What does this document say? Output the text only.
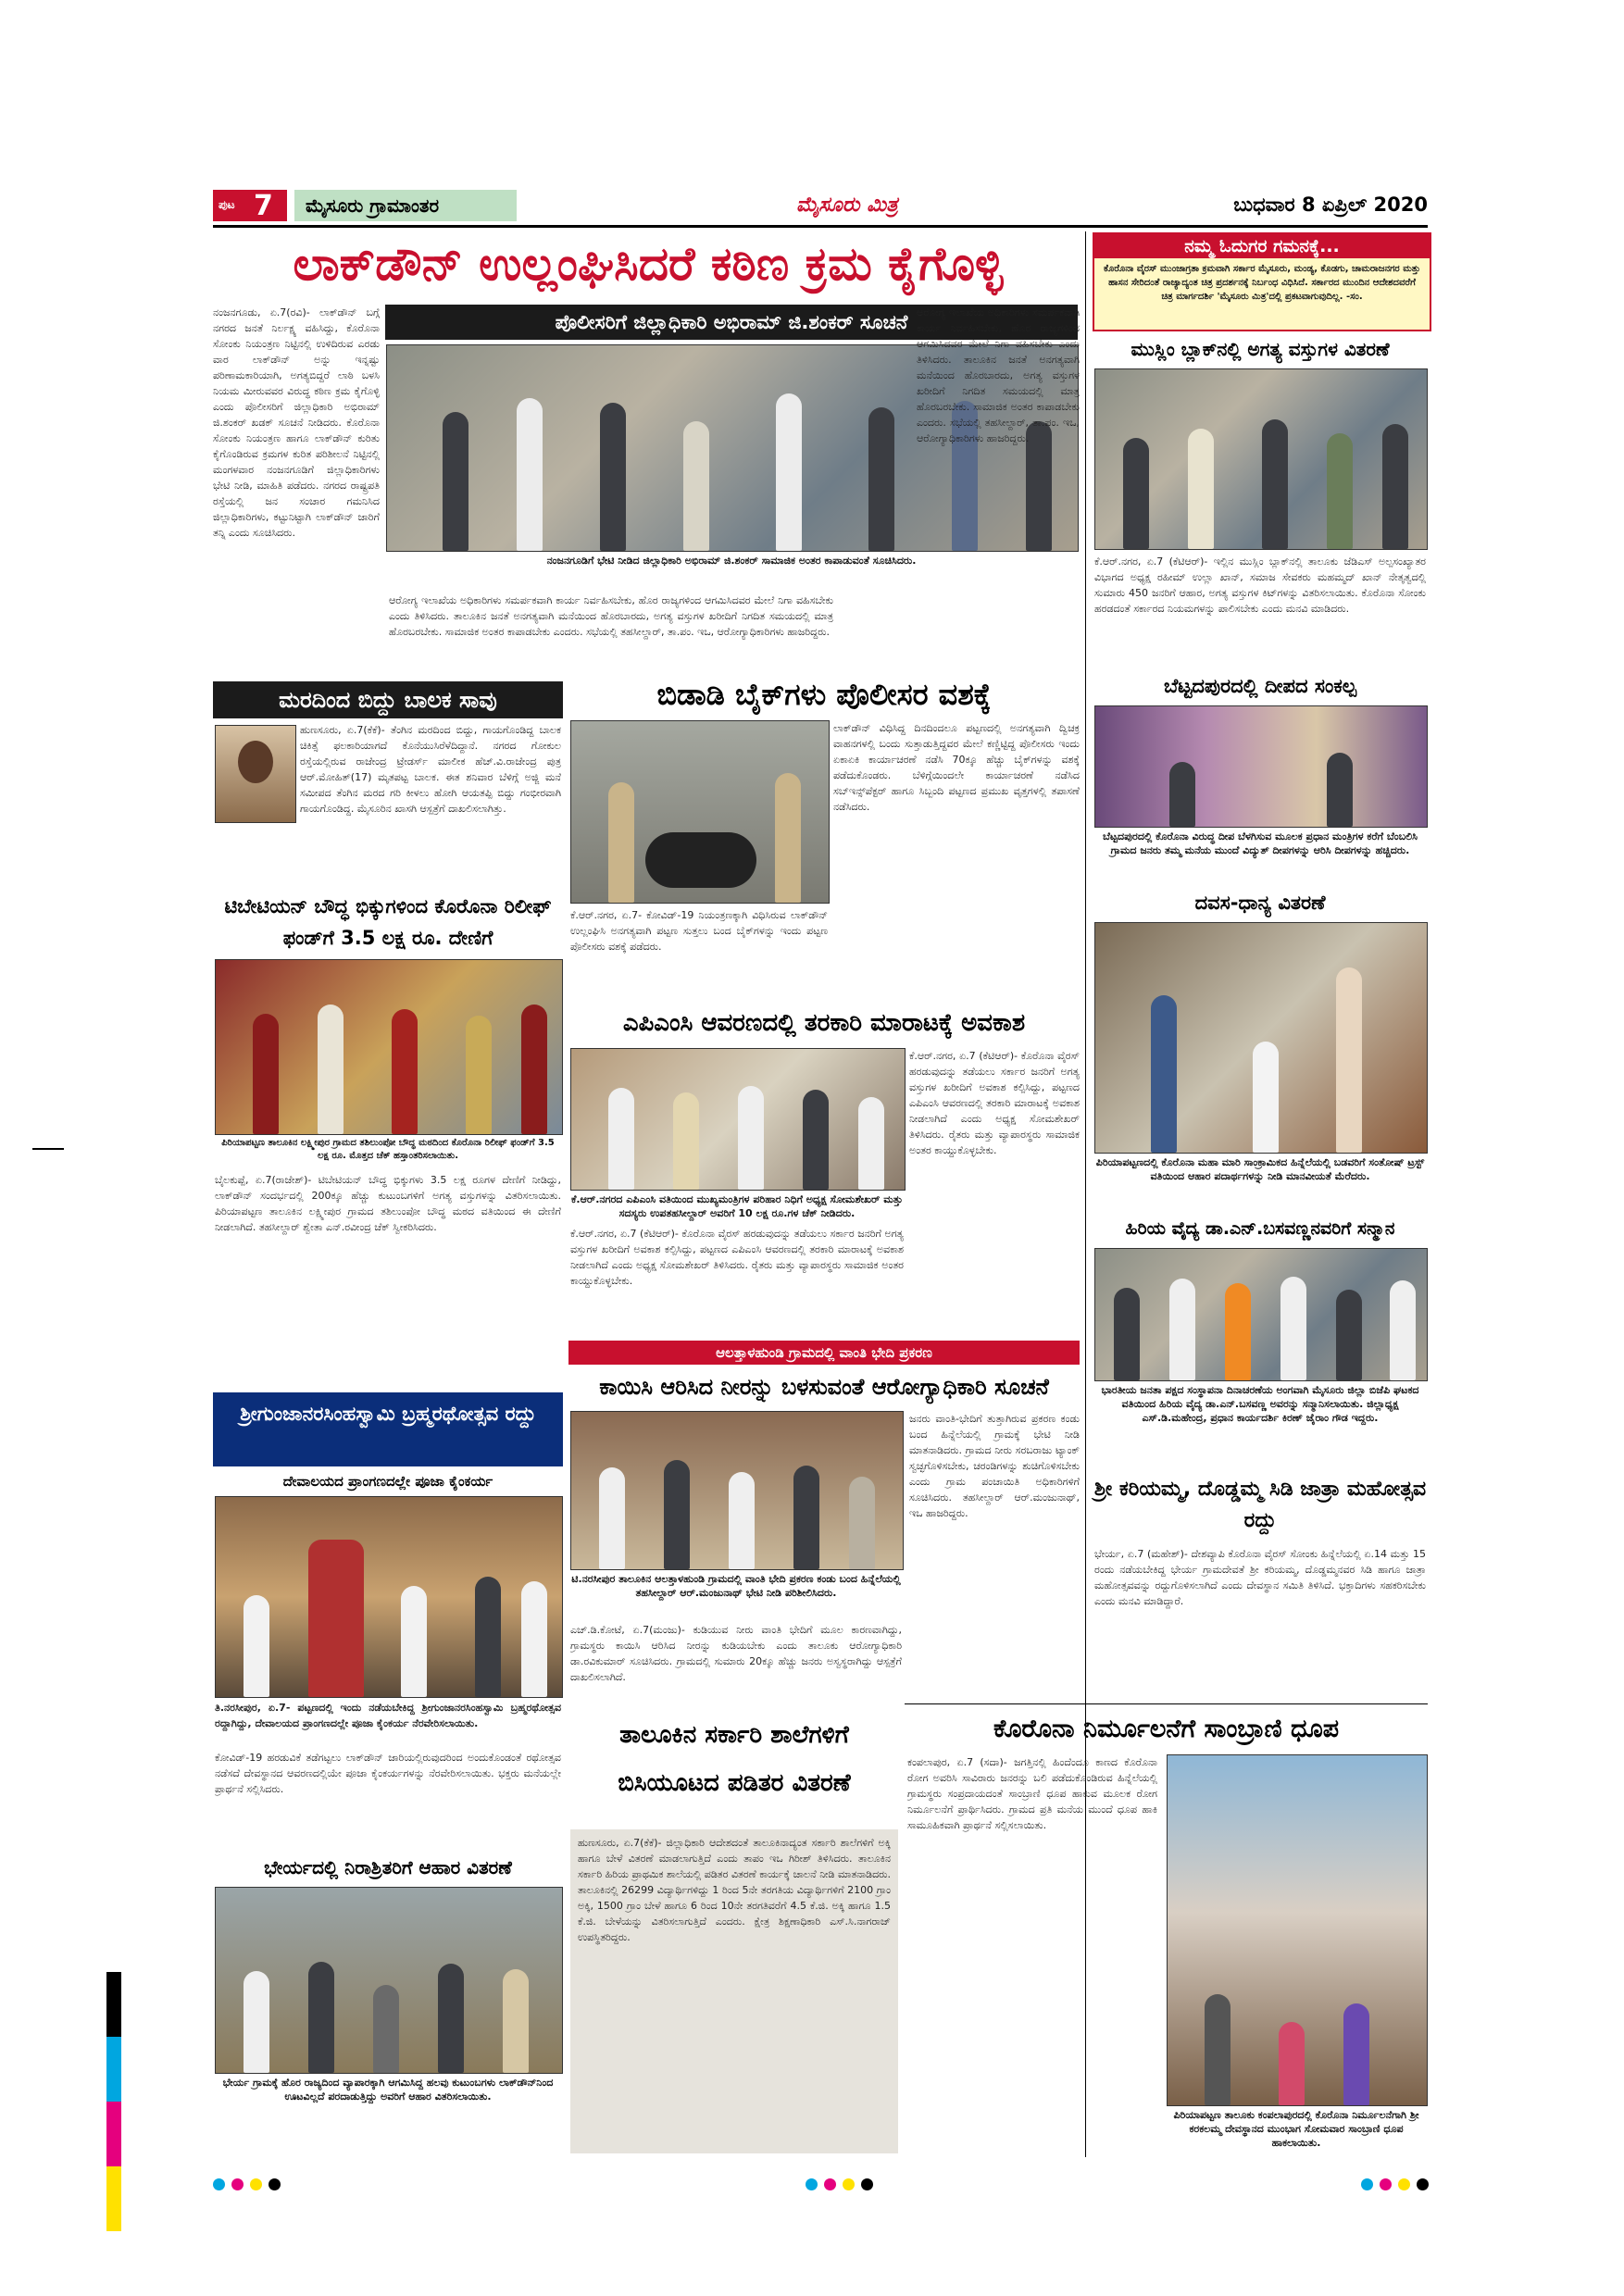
ಪುಟ 7 ಮೈಸೂರು ಗ್ರಾಮಾಂತರ	ಮೈಸೂರು ಮಿತ್ರ	ಬುಧವಾರ 8 ಏಪ್ರಿಲ್ 2020
ಲಾಕ್‌ಡೌನ್ ಉಲ್ಲಂಘಿಸಿದರೆ ಕಠಿಣ ಕ್ರಮ ಕೈಗೊಳ್ಳಿ
ಪೊಲೀಸರಿಗೆ ಜಿಲ್ಲಾಧಿಕಾರಿ ಅಭಿರಾಮ್ ಜಿ.ಶಂಕರ್ ಸೂಚನೆ
ನಂಜನಗೂಡು, ಏ.7(ರವಿ)- ಲಾಕ್‌ಡೌನ್ ಬಗ್ಗೆ ನಗರದ ಜನತೆ ನಿರ್ಲಕ್ಷ್ಯ ವಹಿಸಿದ್ದು, ಕೊರೊನಾ ಸೋಂಕು ನಿಯಂತ್ರಣ ನಿಟ್ಟಿನಲ್ಲಿ ಉಳಿದಿರುವ ಎರಡು ವಾರ ಲಾಕ್‌ಡೌನ್ ಅನ್ನು ಇನ್ನಷ್ಟು ಪರಿಣಾಮಕಾರಿಯಾಗಿ, ಅಗತ್ಯಬಿದ್ದರೆ ಲಾಠಿ ಬಳಸಿ ನಿಯಮ ಮೀರುವವರ ವಿರುದ್ಧ ಕಠಿಣ ಕ್ರಮ ಕೈಗೊಳ್ಳಿ ಎಂದು ಪೊಲೀಸರಿಗೆ ಜಿಲ್ಲಾಧಿಕಾರಿ ಅಭಿರಾಮ್ ಜಿ.ಶಂಕರ್ ಖಡಕ್ ಸೂಚನೆ ನೀಡಿದರು. ಕೊರೊನಾ ಸೋಂಕು ನಿಯಂತ್ರಣ ಹಾಗೂ ಲಾಕ್‌ಡೌನ್ ಕುರಿತು ಕೈಗೊಂಡಿರುವ ಕ್ರಮಗಳ ಕುರಿತ ಪರಿಶೀಲನೆ ನಿಟ್ಟಿನಲ್ಲಿ ಮಂಗಳವಾರ ನಂಜನಗೂಡಿಗೆ ಜಿಲ್ಲಾಧಿಕಾರಿಗಳು ಭೇಟಿ ನೀಡಿ, ಮಾಹಿತಿ ಪಡೆದರು. ನಗರದ ರಾಷ್ಟ್ರಪತಿ ರಸ್ತೆಯಲ್ಲಿ ಜನ ಸಂಚಾರ ಗಮನಿಸಿದ ಜಿಲ್ಲಾಧಿಕಾರಿಗಳು, ಕಟ್ಟುನಿಟ್ಟಾಗಿ ಲಾಕ್‌ಡೌನ್ ಜಾರಿಗೆ ತನ್ನಿ ಎಂದು ಸೂಚಿಸಿದರು.
ನಂಜನಗೂಡಿಗೆ ಭೇಟಿ ನೀಡಿದ ಜಿಲ್ಲಾಧಿಕಾರಿ ಅಭಿರಾಮ್ ಜಿ.ಶಂಕರ್ ಸಾಮಾಜಿಕ ಅಂತರ ಕಾಪಾಡುವಂತೆ ಸೂಚಿಸಿದರು.
ಆರೋಗ್ಯ ಇಲಾಖೆಯ ಅಧಿಕಾರಿಗಳು ಸಮರ್ಪಕವಾಗಿ ಕಾರ್ಯ ನಿರ್ವಹಿಸಬೇಕು, ಹೊರ ರಾಜ್ಯಗಳಿಂದ ಆಗಮಿಸಿದವರ ಮೇಲೆ ನಿಗಾ ವಹಿಸಬೇಕು ಎಂದು ತಿಳಿಸಿದರು. ತಾಲೂಕಿನ ಜನತೆ ಅನಗತ್ಯವಾಗಿ ಮನೆಯಿಂದ ಹೊರಬಾರದು, ಅಗತ್ಯ ವಸ್ತುಗಳ ಖರೀದಿಗೆ ನಿಗದಿತ ಸಮಯದಲ್ಲಿ ಮಾತ್ರ ಹೊರಬರಬೇಕು. ಸಾಮಾಜಿಕ ಅಂತರ ಕಾಪಾಡಬೇಕು ಎಂದರು. ಸಭೆಯಲ್ಲಿ ತಹಸೀಲ್ದಾರ್, ತಾ.ಪಂ. ಇಒ, ಆರೋಗ್ಯಾಧಿಕಾರಿಗಳು ಹಾಜರಿದ್ದರು.
ಆರೋಗ್ಯ ಇಲಾಖೆಯ ಅಧಿಕಾರಿಗಳು ಸಮರ್ಪಕವಾಗಿ ಕಾರ್ಯ ನಿರ್ವಹಿಸಬೇಕು, ಹೊರ ರಾಜ್ಯಗಳಿಂದ ಆಗಮಿಸಿದವರ ಮೇಲೆ ನಿಗಾ ವಹಿಸಬೇಕು ಎಂದು ತಿಳಿಸಿದರು. ತಾಲೂಕಿನ ಜನತೆ ಅನಗತ್ಯವಾಗಿ ಮನೆಯಿಂದ ಹೊರಬಾರದು, ಅಗತ್ಯ ವಸ್ತುಗಳ ಖರೀದಿಗೆ ನಿಗದಿತ ಸಮಯದಲ್ಲಿ ಮಾತ್ರ ಹೊರಬರಬೇಕು. ಸಾಮಾಜಿಕ ಅಂತರ ಕಾಪಾಡಬೇಕು ಎಂದರು. ಸಭೆಯಲ್ಲಿ ತಹಸೀಲ್ದಾರ್, ತಾ.ಪಂ. ಇಒ, ಆರೋಗ್ಯಾಧಿಕಾರಿಗಳು ಹಾಜರಿದ್ದರು.
ನಮ್ಮ ಓದುಗರ ಗಮನಕ್ಕೆ...
ಕೊರೊನಾ ವೈರಸ್ ಮುಂಜಾಗ್ರತಾ ಕ್ರಮವಾಗಿ ಸರ್ಕಾರ ಮೈಸೂರು, ಮಂಡ್ಯ, ಕೊಡಗು, ಚಾಮರಾಜನಗರ ಮತ್ತು ಹಾಸನ ಸೇರಿದಂತೆ ರಾಜ್ಯಾದ್ಯಂತ ಚಿತ್ರ ಪ್ರದರ್ಶನಕ್ಕೆ ನಿರ್ಬಂಧ ವಿಧಿಸಿದೆ. ಸರ್ಕಾರದ ಮುಂದಿನ ಆದೇಶದವರೆಗೆ ಚಿತ್ರ ಮಾರ್ಗದರ್ಶಿ 'ಮೈಸೂರು ಮಿತ್ರ'ದಲ್ಲಿ ಪ್ರಕಟವಾಗುವುದಿಲ್ಲ. -ಸಂ.
ಮುಸ್ಲಿಂ ಬ್ಲಾಕ್‌ನಲ್ಲಿ ಅಗತ್ಯ ವಸ್ತುಗಳ ವಿತರಣೆ
ಕೆ.ಆರ್.ನಗರ, ಏ.7 (ಕೆಟಿಆರ್)- ಇಲ್ಲಿನ ಮುಸ್ಲಿಂ ಬ್ಲಾಕ್‌ನಲ್ಲಿ ತಾಲೂಕು ಜೆಡಿಎಸ್ ಅಲ್ಪಸಂಖ್ಯಾತರ ವಿಭಾಗದ ಅಧ್ಯಕ್ಷ ರಹೀಮ್ ಉಲ್ಲಾ ಖಾನ್, ಸಮಾಜ ಸೇವಕರು ಮಹಮ್ಮದ್ ಖಾನ್ ನೇತೃತ್ವದಲ್ಲಿ ಸುಮಾರು 450 ಜನರಿಗೆ ಆಹಾರ, ಅಗತ್ಯ ವಸ್ತುಗಳ ಕಿಟ್‌ಗಳನ್ನು ವಿತರಿಸಲಾಯಿತು. ಕೊರೊನಾ ಸೋಂಕು ಹರಡದಂತೆ ಸರ್ಕಾರದ ನಿಯಮಗಳನ್ನು ಪಾಲಿಸಬೇಕು ಎಂದು ಮನವಿ ಮಾಡಿದರು.
ಬೆಟ್ಟದಪುರದಲ್ಲಿ ದೀಪದ ಸಂಕಲ್ಪ
ಬೆಟ್ಟದಪುರದಲ್ಲಿ ಕೊರೊನಾ ವಿರುದ್ಧ ದೀಪ ಬೆಳಗಿಸುವ ಮೂಲಕ ಪ್ರಧಾನ ಮಂತ್ರಿಗಳ ಕರೆಗೆ ಬೆಂಬಲಿಸಿ ಗ್ರಾಮದ ಜನರು ತಮ್ಮ ಮನೆಯ ಮುಂದೆ ವಿದ್ಯುತ್ ದೀಪಗಳನ್ನು ಆರಿಸಿ ದೀಪಗಳನ್ನು ಹಚ್ಚಿದರು.
ದವಸ-ಧಾನ್ಯ ವಿತರಣೆ
ಪಿರಿಯಾಪಟ್ಟಣದಲ್ಲಿ ಕೊರೊನಾ ಮಹಾ ಮಾರಿ ಸಾಂಕ್ರಾಮಿಕದ ಹಿನ್ನೆಲೆಯಲ್ಲಿ ಬಡವರಿಗೆ ಸಂತೋಷ್ ಟ್ರಸ್ಟ್ ವತಿಯಿಂದ ಆಹಾರ ಪದಾರ್ಥಗಳನ್ನು ನೀಡಿ ಮಾನವೀಯತೆ ಮೆರೆದರು.
ಹಿರಿಯ ವೈದ್ಯ ಡಾ.ಎನ್.ಬಸವಣ್ಣನವರಿಗೆ ಸನ್ಮಾನ
ಭಾರತೀಯ ಜನತಾ ಪಕ್ಷದ ಸಂಸ್ಥಾಪನಾ ದಿನಾಚರಣೆಯ ಅಂಗವಾಗಿ ಮೈಸೂರು ಜಿಲ್ಲಾ ಬಿಜೆಪಿ ಘಟಕದ ವತಿಯಿಂದ ಹಿರಿಯ ವೈದ್ಯ ಡಾ.ಎನ್.ಬಸವಣ್ಣ ಅವರನ್ನು ಸನ್ಮಾನಿಸಲಾಯಿತು. ಜಿಲ್ಲಾಧ್ಯಕ್ಷ ಎಸ್.ಡಿ.ಮಹೇಂದ್ರ, ಪ್ರಧಾನ ಕಾರ್ಯದರ್ಶಿ ಕಿರಣ್ ಜೈರಾಂ ಗೌಡ ಇದ್ದರು.
ಶ್ರೀ ಕರಿಯಮ್ಮ, ದೊಡ್ಡಮ್ಮ ಸಿಡಿ ಜಾತ್ರಾ ಮಹೋತ್ಸವ ರದ್ದು
ಭೇರ್ಯ, ಏ.7 (ಮಹೇಶ್)- ದೇಶವ್ಯಾಪಿ ಕೊರೊನಾ ವೈರಸ್ ಸೋಂಕು ಹಿನ್ನೆಲೆಯಲ್ಲಿ ಏ.14 ಮತ್ತು 15 ರಂದು ನಡೆಯಬೇಕಿದ್ದ ಭೇರ್ಯ ಗ್ರಾಮದೇವತೆ ಶ್ರೀ ಕರಿಯಮ್ಮ, ದೊಡ್ಡಮ್ಮನವರ ಸಿಡಿ ಹಾಗೂ ಜಾತ್ರಾ ಮಹೋತ್ಸವವನ್ನು ರದ್ದುಗೊಳಿಸಲಾಗಿದೆ ಎಂದು ದೇವಸ್ಥಾನ ಸಮಿತಿ ತಿಳಿಸಿದೆ. ಭಕ್ತಾದಿಗಳು ಸಹಕರಿಸಬೇಕು ಎಂದು ಮನವಿ ಮಾಡಿದ್ದಾರೆ.
ಕೊರೊನಾ ನಿರ್ಮೂಲನೆಗೆ ಸಾಂಬ್ರಾಣಿ ಧೂಪ
ಕಂಪಲಾಪುರ, ಏ.7 (ಸದಾ)- ಜಗತ್ತಿನಲ್ಲಿ ಹಿಂದೆಂದೂ ಕಾಣದ ಕೊರೊನಾ ರೋಗ ಅವರಿಸಿ ಸಾವಿರಾರು ಜನರನ್ನು ಬಲಿ ಪಡೆದುಕೊಂಡಿರುವ ಹಿನ್ನೆಲೆಯಲ್ಲಿ ಗ್ರಾಮಸ್ಥರು ಸಂಪ್ರದಾಯದಂತೆ ಸಾಂಬ್ರಾಣಿ ಧೂಪ ಹಾಕುವ ಮೂಲಕ ರೋಗ ನಿರ್ಮೂಲನೆಗೆ ಪ್ರಾರ್ಥಿಸಿದರು. ಗ್ರಾಮದ ಪ್ರತಿ ಮನೆಯ ಮುಂದೆ ಧೂಪ ಹಾಕಿ ಸಾಮೂಹಿಕವಾಗಿ ಪ್ರಾರ್ಥನೆ ಸಲ್ಲಿಸಲಾಯಿತು.
ಪಿರಿಯಾಪಟ್ಟಣ ತಾಲೂಕು ಕಂಪಲಾಪುರದಲ್ಲಿ ಕೊರೊನಾ ನಿರ್ಮೂಲನೆಗಾಗಿ ಶ್ರೀ ಕರಕಲಮ್ಮ ದೇವಸ್ಥಾನದ ಮುಂಭಾಗ ಸೋಮವಾರ ಸಾಂಬ್ರಾಣಿ ಧೂಪ ಹಾಕಲಾಯಿತು.
ಮರದಿಂದ ಬಿದ್ದು ಬಾಲಕ ಸಾವು
ಹುಣಸೂರು, ಏ.7(ಕೆಕೆ)- ತೆಂಗಿನ ಮರದಿಂದ ಬಿದ್ದು, ಗಾಯಗೊಂಡಿದ್ದ ಬಾಲಕ ಚಿಕಿತ್ಸೆ ಫಲಕಾರಿಯಾಗದೆ ಕೊನೆಯುಸಿರೆಳೆದಿದ್ದಾನೆ. ನಗರದ ಗೋಕುಲ ರಸ್ತೆಯಲ್ಲಿರುವ ರಾಜೇಂದ್ರ ಟ್ರೇಡರ್ಸ್ ಮಾಲೀಕ ಹೆಚ್.ವಿ.ರಾಜೇಂದ್ರ ಪುತ್ರ ಆರ್.ಮೋಹಿತ್(17) ಮೃತಪಟ್ಟ ಬಾಲಕ. ಈತ ಶನಿವಾರ ಬೆಳಿಗ್ಗೆ ಅಜ್ಜಿ ಮನೆ ಸಮೀಪದ ತೆಂಗಿನ ಮರದ ಗರಿ ಕೀಳಲು ಹೋಗಿ ಆಯತಪ್ಪಿ ಬಿದ್ದು ಗಂಭೀರವಾಗಿ ಗಾಯಗೊಂಡಿದ್ದ. ಮೈಸೂರಿನ ಖಾಸಗಿ ಆಸ್ಪತ್ರೆಗೆ ದಾಖಲಿಸಲಾಗಿತ್ತು.
ಟಿಬೇಟಿಯನ್ ಬೌದ್ಧ ಭಿಕ್ಕುಗಳಿಂದ ಕೊರೊನಾ ರಿಲೀಫ್ ಫಂಡ್‌ಗೆ 3.5 ಲಕ್ಷ ರೂ. ದೇಣಿಗೆ
ಪಿರಿಯಾಪಟ್ಟಣ ತಾಲೂಕಿನ ಲಕ್ಷ್ಮೀಪುರ ಗ್ರಾಮದ ತಶಿಲುಂಪೋ ಬೌದ್ಧ ಮಠದಿಂದ ಕೊರೊನಾ ರಿಲೀಫ್ ಫಂಡ್‌ಗೆ 3.5 ಲಕ್ಷ ರೂ. ಮೊತ್ತದ ಚೆಕ್ ಹಸ್ತಾಂತರಿಸಲಾಯಿತು.
ಬೈಲಕುಪ್ಪೆ, ಏ.7(ರಾಜೇಶ್)- ಟಿಬೇಟಿಯನ್ ಬೌದ್ಧ ಭಿಕ್ಕುಗಳು 3.5 ಲಕ್ಷ ರೂಗಳ ದೇಣಿಗೆ ನೀಡಿದ್ದು, ಲಾಕ್‌ಡೌನ್ ಸಂದರ್ಭದಲ್ಲಿ 200ಕ್ಕೂ ಹೆಚ್ಚು ಕುಟುಂಬಗಳಿಗೆ ಅಗತ್ಯ ವಸ್ತುಗಳನ್ನು ವಿತರಿಸಲಾಯಿತು. ಪಿರಿಯಾಪಟ್ಟಣ ತಾಲೂಕಿನ ಲಕ್ಷ್ಮೀಪುರ ಗ್ರಾಮದ ತಶಿಲುಂಪೋ ಬೌದ್ಧ ಮಠದ ವತಿಯಿಂದ ಈ ದೇಣಿಗೆ ನೀಡಲಾಗಿದೆ. ತಹಸೀಲ್ದಾರ್ ಶ್ವೇತಾ ಎನ್.ರವೀಂದ್ರ ಚೆಕ್ ಸ್ವೀಕರಿಸಿದರು.
ಶ್ರೀಗುಂಜಾನರಸಿಂಹಸ್ವಾಮಿ ಬ್ರಹ್ಮರಥೋತ್ಸವ ರದ್ದು
ದೇವಾಲಯದ ಪ್ರಾಂಗಣದಲ್ಲೇ ಪೂಜಾ ಕೈಂಕರ್ಯ
ತಿ.ನರಸೀಪುರ, ಏ.7- ಪಟ್ಟಣದಲ್ಲಿ ಇಂದು ನಡೆಯಬೇಕಿದ್ದ ಶ್ರೀಗುಂಜಾನರಸಿಂಹಸ್ವಾಮಿ ಬ್ರಹ್ಮರಥೋತ್ಸವ ರದ್ದಾಗಿದ್ದು, ದೇವಾಲಯದ ಪ್ರಾಂಗಣದಲ್ಲೇ ಪೂಜಾ ಕೈಂಕರ್ಯ ನೆರವೇರಿಸಲಾಯಿತು.
ಕೋವಿಡ್-19 ಹರಡುವಿಕೆ ತಡೆಗಟ್ಟಲು ಲಾಕ್‌ಡೌನ್ ಜಾರಿಯಲ್ಲಿರುವುದರಿಂದ ಅಂದುಕೊಂಡಂತೆ ರಥೋತ್ಸವ ನಡೆಸದೆ ದೇವಸ್ಥಾನದ ಆವರಣದಲ್ಲಿಯೇ ಪೂಜಾ ಕೈಂಕರ್ಯಗಳನ್ನು ನೆರವೇರಿಸಲಾಯಿತು. ಭಕ್ತರು ಮನೆಯಲ್ಲೇ ಪ್ರಾರ್ಥನೆ ಸಲ್ಲಿಸಿದರು.
ಭೇರ್ಯದಲ್ಲಿ ನಿರಾಶ್ರಿತರಿಗೆ ಆಹಾರ ವಿತರಣೆ
ಭೇರ್ಯ ಗ್ರಾಮಕ್ಕೆ ಹೊರ ರಾಜ್ಯದಿಂದ ವ್ಯಾಪಾರಕ್ಕಾಗಿ ಆಗಮಿಸಿದ್ದ ಹಲವು ಕುಟುಂಬಗಳು ಲಾಕ್‌ಡೌನ್‌ನಿಂದ ಊಟವಿಲ್ಲದೆ ಪರದಾಡುತ್ತಿದ್ದು ಅವರಿಗೆ ಆಹಾರ ವಿತರಿಸಲಾಯಿತು.
ಬಿಡಾಡಿ ಬೈಕ್‌ಗಳು ಪೊಲೀಸರ ವಶಕ್ಕೆ
ಕೆ.ಆರ್.ನಗರ, ಏ.7- ಕೋವಿಡ್-19 ನಿಯಂತ್ರಣಕ್ಕಾಗಿ ವಿಧಿಸಿರುವ ಲಾಕ್‌ಡೌನ್ ಉಲ್ಲಂಘಿಸಿ ಅನಗತ್ಯವಾಗಿ ಪಟ್ಟಣ ಸುತ್ತಲು ಬಂದ ಬೈಕ್‌ಗಳನ್ನು ಇಂದು ಪಟ್ಟಣ ಪೊಲೀಸರು ವಶಕ್ಕೆ ಪಡೆದರು.
ಲಾಕ್‌ಡೌನ್ ವಿಧಿಸಿದ್ದ ದಿನದಿಂದಲೂ ಪಟ್ಟಣದಲ್ಲಿ ಅನಗತ್ಯವಾಗಿ ದ್ವಿಚಕ್ರ ವಾಹನಗಳಲ್ಲಿ ಬಂದು ಸುತ್ತಾಡುತ್ತಿದ್ದವರ ಮೇಲೆ ಕಣ್ಣಿಟ್ಟಿದ್ದ ಪೊಲೀಸರು ಇಂದು ಏಕಾಏಕಿ ಕಾರ್ಯಾಚರಣೆ ನಡೆಸಿ 70ಕ್ಕೂ ಹೆಚ್ಚು ಬೈಕ್‌ಗಳನ್ನು ವಶಕ್ಕೆ ಪಡೆದುಕೊಂಡರು. ಬೆಳಿಗ್ಗೆಯಿಂದಲೇ ಕಾರ್ಯಾಚರಣೆ ನಡೆಸಿದ ಸಬ್‌ಇನ್ಸ್‌ಪೆಕ್ಟರ್ ಹಾಗೂ ಸಿಬ್ಬಂದಿ ಪಟ್ಟಣದ ಪ್ರಮುಖ ವೃತ್ತಗಳಲ್ಲಿ ತಪಾಸಣೆ ನಡೆಸಿದರು.
ಎಪಿಎಂಸಿ ಆವರಣದಲ್ಲಿ ತರಕಾರಿ ಮಾರಾಟಕ್ಕೆ ಅವಕಾಶ
ಕೆ.ಆರ್.ನಗರದ ಎಪಿಎಂಸಿ ವತಿಯಿಂದ ಮುಖ್ಯಮಂತ್ರಿಗಳ ಪರಿಹಾರ ನಿಧಿಗೆ ಅಧ್ಯಕ್ಷ ಸೋಮಶೇಖರ್ ಮತ್ತು ಸದಸ್ಯರು ಉಪತಹಸೀಲ್ದಾರ್ ಅವರಿಗೆ 10 ಲಕ್ಷ ರೂ.ಗಳ ಚೆಕ್ ನೀಡಿದರು.
ಕೆ.ಆರ್.ನಗರ, ಏ.7 (ಕೆಟಿಆರ್)- ಕೊರೊನಾ ವೈರಸ್ ಹರಡುವುದನ್ನು ತಡೆಯಲು ಸರ್ಕಾರ ಜನರಿಗೆ ಅಗತ್ಯ ವಸ್ತುಗಳ ಖರೀದಿಗೆ ಅವಕಾಶ ಕಲ್ಪಿಸಿದ್ದು, ಪಟ್ಟಣದ ಎಪಿಎಂಸಿ ಆವರಣದಲ್ಲಿ ತರಕಾರಿ ಮಾರಾಟಕ್ಕೆ ಅವಕಾಶ ನೀಡಲಾಗಿದೆ ಎಂದು ಅಧ್ಯಕ್ಷ ಸೋಮಶೇಖರ್ ತಿಳಿಸಿದರು. ರೈತರು ಮತ್ತು ವ್ಯಾಪಾರಸ್ಥರು ಸಾಮಾಜಿಕ ಅಂತರ ಕಾಯ್ದುಕೊಳ್ಳಬೇಕು.
ಕೆ.ಆರ್.ನಗರ, ಏ.7 (ಕೆಟಿಆರ್)- ಕೊರೊನಾ ವೈರಸ್ ಹರಡುವುದನ್ನು ತಡೆಯಲು ಸರ್ಕಾರ ಜನರಿಗೆ ಅಗತ್ಯ ವಸ್ತುಗಳ ಖರೀದಿಗೆ ಅವಕಾಶ ಕಲ್ಪಿಸಿದ್ದು, ಪಟ್ಟಣದ ಎಪಿಎಂಸಿ ಆವರಣದಲ್ಲಿ ತರಕಾರಿ ಮಾರಾಟಕ್ಕೆ ಅವಕಾಶ ನೀಡಲಾಗಿದೆ ಎಂದು ಅಧ್ಯಕ್ಷ ಸೋಮಶೇಖರ್ ತಿಳಿಸಿದರು. ರೈತರು ಮತ್ತು ವ್ಯಾಪಾರಸ್ಥರು ಸಾಮಾಜಿಕ ಅಂತರ ಕಾಯ್ದುಕೊಳ್ಳಬೇಕು.
ಆಲತ್ತಾಳಹುಂಡಿ ಗ್ರಾಮದಲ್ಲಿ ವಾಂತಿ ಭೇದಿ ಪ್ರಕರಣ
ಕಾಯಿಸಿ ಆರಿಸಿದ ನೀರನ್ನು ಬಳಸುವಂತೆ ಆರೋಗ್ಯಾಧಿಕಾರಿ ಸೂಚನೆ
ಟಿ.ನರಸೀಪುರ ತಾಲೂಕಿನ ಆಲತ್ತಾಳಹುಂಡಿ ಗ್ರಾಮದಲ್ಲಿ ವಾಂತಿ ಭೇದಿ ಪ್ರಕರಣ ಕಂಡು ಬಂದ ಹಿನ್ನೆಲೆಯಲ್ಲಿ ತಹಸೀಲ್ದಾರ್ ಆರ್.ಮಂಜುನಾಥ್ ಭೇಟಿ ನೀಡಿ ಪರಿಶೀಲಿಸಿದರು.
ಎಚ್.ಡಿ.ಕೋಟೆ, ಏ.7(ಮಂಜು)- ಕುಡಿಯುವ ನೀರು ವಾಂತಿ ಭೇದಿಗೆ ಮೂಲ ಕಾರಣವಾಗಿದ್ದು, ಗ್ರಾಮಸ್ಥರು ಕಾಯಿಸಿ ಆರಿಸಿದ ನೀರನ್ನು ಕುಡಿಯಬೇಕು ಎಂದು ತಾಲೂಕು ಆರೋಗ್ಯಾಧಿಕಾರಿ ಡಾ.ರವಿಕುಮಾರ್ ಸೂಚಿಸಿದರು. ಗ್ರಾಮದಲ್ಲಿ ಸುಮಾರು 20ಕ್ಕೂ ಹೆಚ್ಚು ಜನರು ಅಸ್ವಸ್ಥರಾಗಿದ್ದು ಆಸ್ಪತ್ರೆಗೆ ದಾಖಲಿಸಲಾಗಿದೆ.
ಜನರು ವಾಂತಿ-ಭೇದಿಗೆ ತುತ್ತಾಗಿರುವ ಪ್ರಕರಣ ಕಂಡು ಬಂದ ಹಿನ್ನೆಲೆಯಲ್ಲಿ ಗ್ರಾಮಕ್ಕೆ ಭೇಟಿ ನೀಡಿ ಮಾತನಾಡಿದರು. ಗ್ರಾಮದ ನೀರು ಸರಬರಾಜು ಟ್ಯಾಂಕ್ ಸ್ವಚ್ಛಗೊಳಿಸಬೇಕು, ಚರಂಡಿಗಳನ್ನು ಶುಚಿಗೊಳಿಸಬೇಕು ಎಂದು ಗ್ರಾಮ ಪಂಚಾಯಿತಿ ಅಧಿಕಾರಿಗಳಿಗೆ ಸೂಚಿಸಿದರು. ತಹಸೀಲ್ದಾರ್ ಆರ್.ಮಂಜುನಾಥ್, ಇಒ ಹಾಜರಿದ್ದರು.
ತಾಲೂಕಿನ ಸರ್ಕಾರಿ ಶಾಲೆಗಳಿಗೆ ಬಿಸಿಯೂಟದ ಪಡಿತರ ವಿತರಣೆ
ಹುಣಸೂರು, ಏ.7(ಕೆಕೆ)- ಜಿಲ್ಲಾಧಿಕಾರಿ ಆದೇಶದಂತೆ ತಾಲೂಕಿನಾದ್ಯಂತ ಸರ್ಕಾರಿ ಶಾಲೆಗಳಿಗೆ ಅಕ್ಕಿ ಹಾಗೂ ಬೇಳೆ ವಿತರಣೆ ಮಾಡಲಾಗುತ್ತಿದೆ ಎಂದು ತಾಪಂ ಇಒ ಗಿರೀಶ್ ತಿಳಿಸಿದರು. ತಾಲೂಕಿನ ಸರ್ಕಾರಿ ಹಿರಿಯ ಪ್ರಾಥಮಿಕ ಶಾಲೆಯಲ್ಲಿ ಪಡಿತರ ವಿತರಣೆ ಕಾರ್ಯಕ್ಕೆ ಚಾಲನೆ ನೀಡಿ ಮಾತನಾಡಿದರು. ತಾಲೂಕಿನಲ್ಲಿ 26299 ವಿದ್ಯಾರ್ಥಿಗಳಿದ್ದು 1 ರಿಂದ 5ನೇ ತರಗತಿಯ ವಿದ್ಯಾರ್ಥಿಗಳಿಗೆ 2100 ಗ್ರಾಂ ಅಕ್ಕಿ, 1500 ಗ್ರಾಂ ಬೇಳೆ ಹಾಗೂ 6 ರಿಂದ 10ನೇ ತರಗತಿವರೆಗೆ 4.5 ಕೆ.ಜಿ. ಅಕ್ಕಿ ಹಾಗೂ 1.5 ಕೆ.ಜಿ. ಬೇಳೆಯನ್ನು ವಿತರಿಸಲಾಗುತ್ತಿದೆ ಎಂದರು. ಕ್ಷೇತ್ರ ಶಿಕ್ಷಣಾಧಿಕಾರಿ ಎಸ್.ಸಿ.ನಾಗರಾಜ್ ಉಪಸ್ಥಿತರಿದ್ದರು.
